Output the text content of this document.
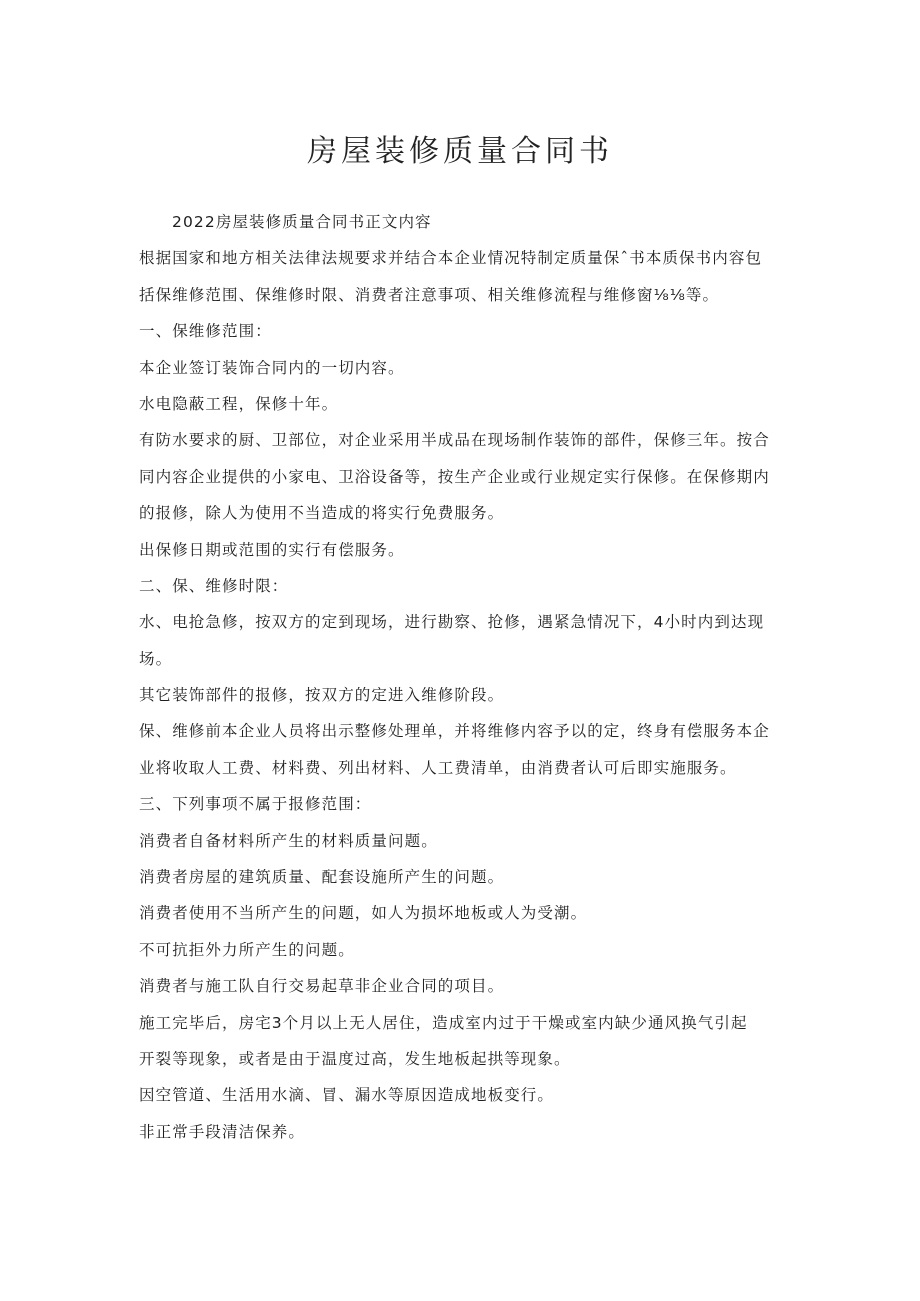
房屋装修质量合同书
2022房屋装修质量合同书正文内容
根据国家和地方相关法律法规要求并结合本企业情况特制定质量保ˆ书本质保书内容包
括保维修范围、保维修时限、消费者注意事项、相关维修流程与维修窗⅛⅛等。
一、保维修范围：
本企业签订装饰合同内的一切内容。
水电隐蔽工程，保修十年。
有防水要求的厨、卫部位，对企业采用半成品在现场制作装饰的部件，保修三年。按合
同内容企业提供的小家电、卫浴设备等，按生产企业或行业规定实行保修。在保修期内
的报修，除人为使用不当造成的将实行免费服务。
出保修日期或范围的实行有偿服务。
二、保、维修时限：
水、电抢急修，按双方的定到现场，进行勘察、抢修，遇紧急情况下，4小时内到达现
场。
其它装饰部件的报修，按双方的定进入维修阶段。
保、维修前本企业人员将出示整修处理单，并将维修内容予以的定，终身有偿服务本企
业将收取人工费、材料费、列出材料、人工费清单，由消费者认可后即实施服务。
三、下列事项不属于报修范围：
消费者自备材料所产生的材料质量问题。
消费者房屋的建筑质量、配套设施所产生的问题。
消费者使用不当所产生的问题，如人为损坏地板或人为受潮。
不可抗拒外力所产生的问题。
消费者与施工队自行交易起草非企业合同的项目。
施工完毕后，房宅3个月以上无人居住，造成室内过于干燥或室内缺少通风换气引起
开裂等现象，或者是由于温度过高，发生地板起拱等现象。
因空管道、生活用水滴、冒、漏水等原因造成地板变行。
非正常手段清洁保养。
